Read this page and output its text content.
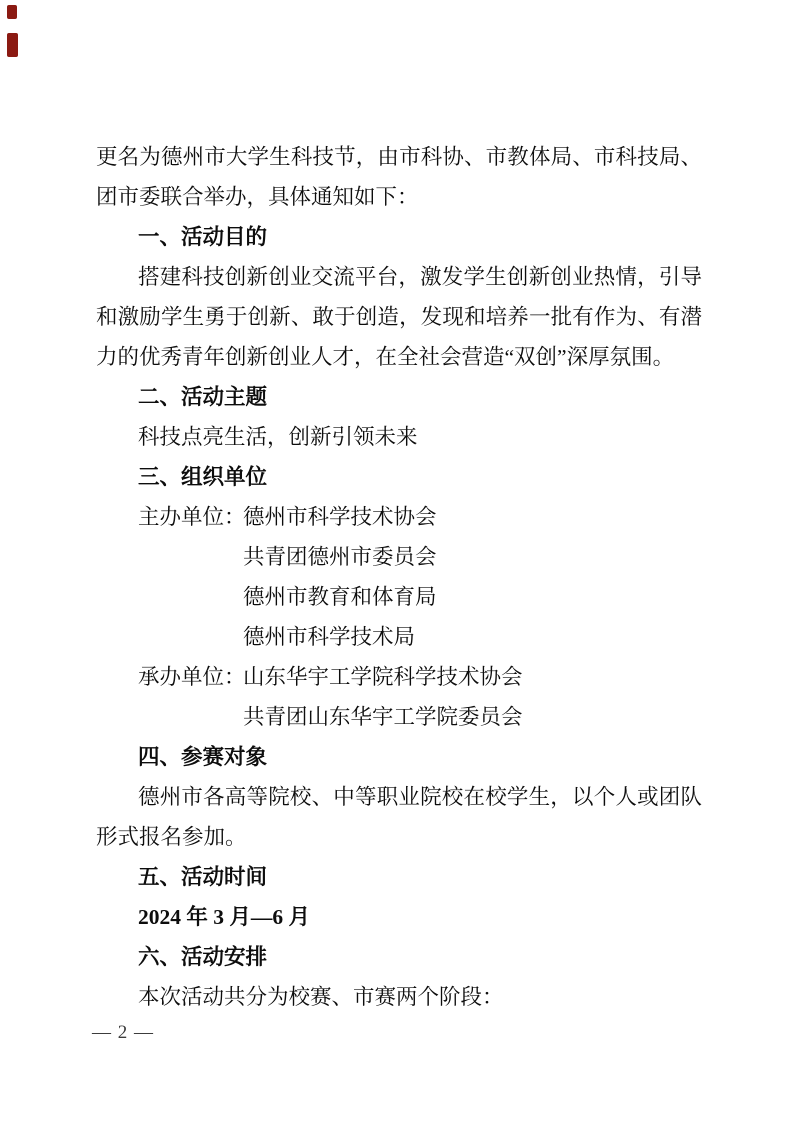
更名为德州市大学生科技节，由市科协、市教体局、市科技局、
团市委联合举办，具体通知如下：
一、活动目的
搭建科技创新创业交流平台，激发学生创新创业热情，引导
和激励学生勇于创新、敢于创造，发现和培养一批有作为、有潜
力的优秀青年创新创业人才，在全社会营造“双创”深厚氛围。
二、活动主题
科技点亮生活，创新引领未来
三、组织单位
主办单位：德州市科学技术协会
共青团德州市委员会
德州市教育和体育局
德州市科学技术局
承办单位：山东华宇工学院科学技术协会
共青团山东华宇工学院委员会
四、参赛对象
德州市各高等院校、中等职业院校在校学生，以个人或团队
形式报名参加。
五、活动时间
2024 年 3 月—6 月
六、活动安排
本次活动共分为校赛、市赛两个阶段：
— 2 —
